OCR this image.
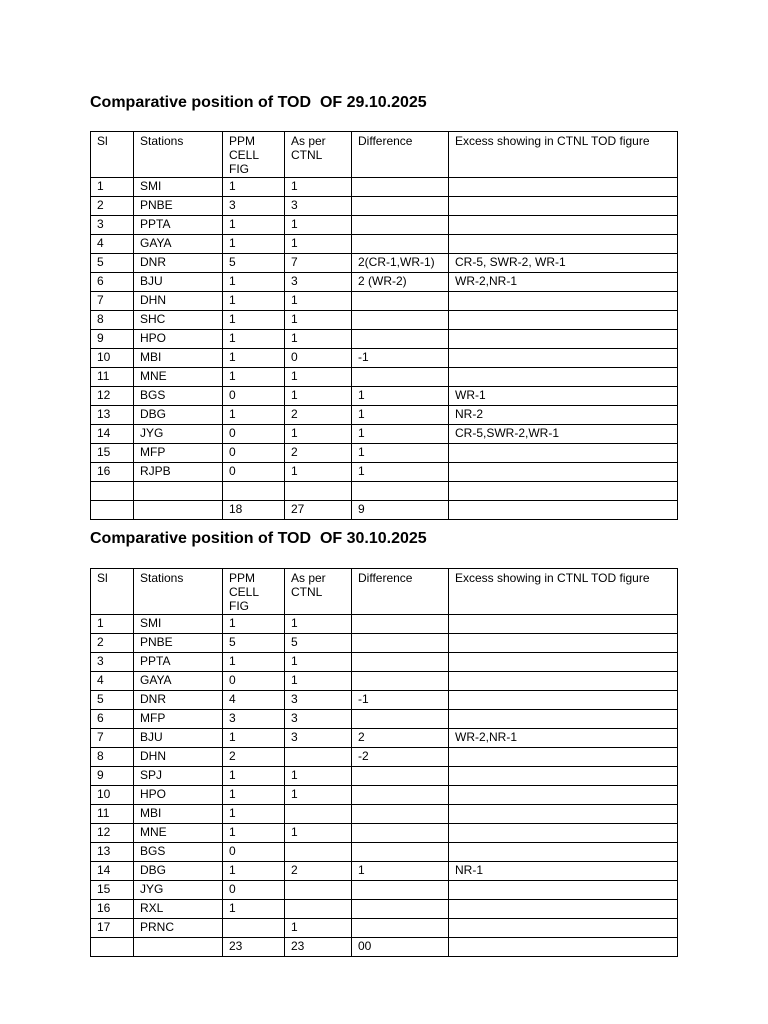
Comparative position of TOD  OF 29.10.2025
Sl	Stations	PPM CELL FIG	As per CTNL	Difference	Excess showing in CTNL TOD figure
1	SMI	1	1		
2	PNBE	3	3		
3	PPTA	1	1		
4	GAYA	1	1		
5	DNR	5	7	2(CR-1,WR-1)	CR-5, SWR-2, WR-1
6	BJU	1	3	2 (WR-2)	WR-2,NR-1
7	DHN	1	1		
8	SHC	1	1		
9	HPO	1	1		
10	MBI	1	0	-1	
11	MNE	1	1		
12	BGS	0	1	1	WR-1
13	DBG	1	2	1	NR-2
14	JYG	0	1	1	CR-5,SWR-2,WR-1
15	MFP	0	2	1	
16	RJPB	0	1	1	

		18	27	9	
Comparative position of TOD  OF 30.10.2025
Sl	Stations	PPM CELL FIG	As per CTNL	Difference	Excess showing in CTNL TOD figure
1	SMI	1	1		
2	PNBE	5	5		
3	PPTA	1	1		
4	GAYA	0	1		
5	DNR	4	3	-1	
6	MFP	3	3		
7	BJU	1	3	2	WR-2,NR-1
8	DHN	2		-2	
9	SPJ	1	1		
10	HPO	1	1		
11	MBI	1			
12	MNE	1	1		
13	BGS	0			
14	DBG	1	2	1	NR-1
15	JYG	0			
16	RXL	1			
17	PRNC		1		
		23	23	00	
